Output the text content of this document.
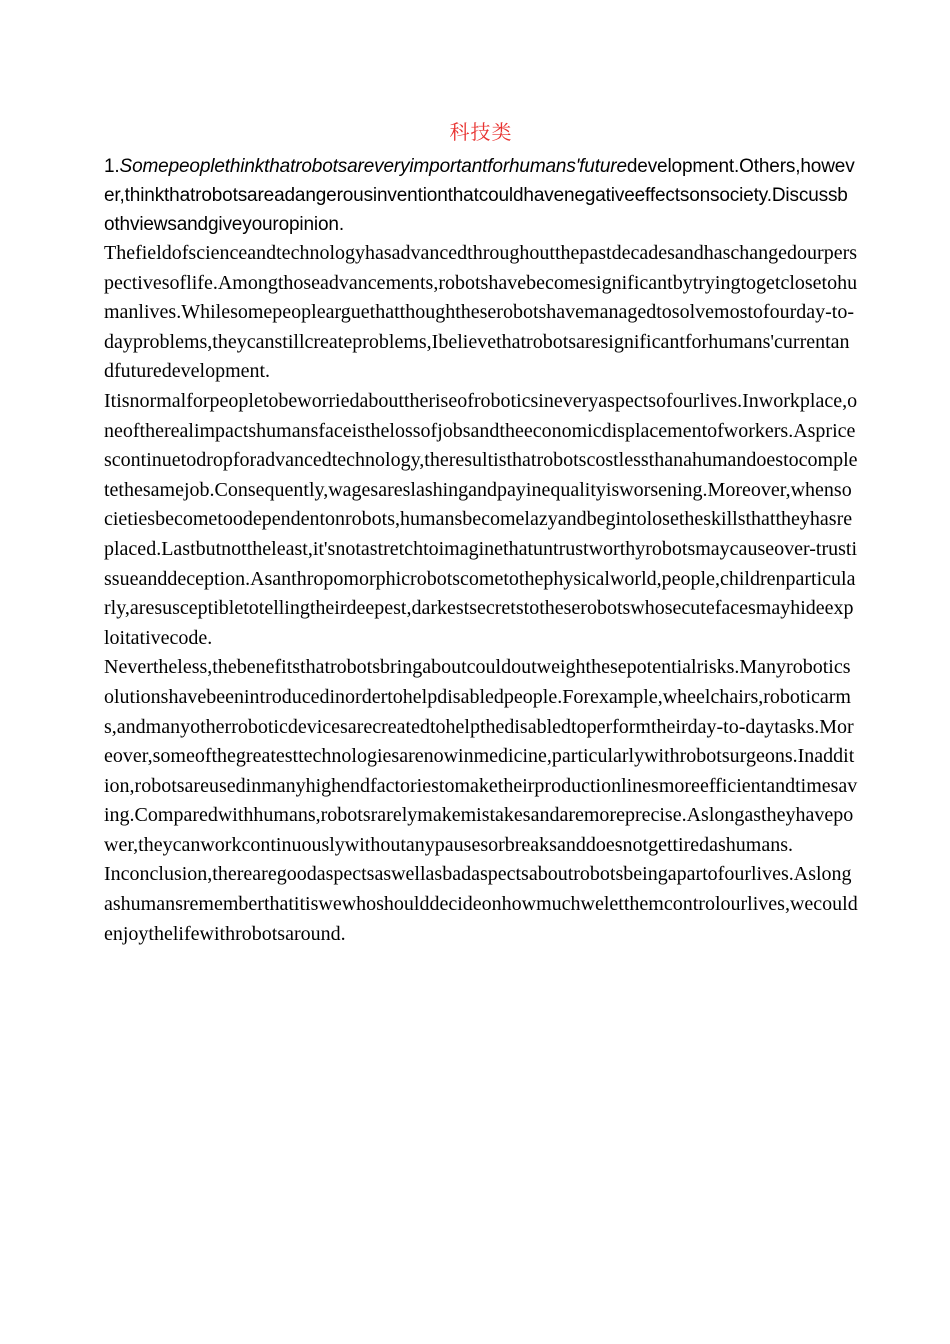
科技类

1.Somepeoplethinkthatrobotsareveryimportantforhumans'futuredevelopment.Others,however,thinkthatrobotsareadangerousinventionthatcouldhavenegativeeffectsonsociety.Discussbothviewsandgiveyouropinion.

Thefieldofscienceandtechnologyhasadvancedthroughoutthepastdecadesandhaschangedourperspectivesoflife.Amongthoseadvancements,robotshavebecomesignificantbytryingtogetclosetohumanlives.Whilesomepeoplearguethatthoughtheserobotshavemanagedtosolvemostofourday-to-dayproblems,theycanstillcreateproblems,Ibelievethatrobotsaresignificantforhumans'currentandfuturedevelopment.

Itisnormalforpeopletobeworriedabouttheriseofroboticsineveryaspectsofourlives.Inworkplace,oneoftherealimpactshumansfaceisthelossofjobsandtheeconomicdisplacementofworkers.Aspricescontinuetodropforadvancedtechnology,theresultisthatrobotscostlessthanahumandoestocompletethesamejob.Consequently,wagesareslashingandpayinequalityisworsening.Moreover,whensocietiesbecometoodependentonrobots,humansbecomelazyandbegintolosetheskillsthattheyhasreplaced.Lastbutnottheleast,it'snotastretchtoimaginethatuntrustworthyrobotsmaycauseover-trustissueanddeception.Asanthropomorphicrobotscometothephysicalworld,people,childrenparticularly,aresusceptibletotellingtheirdeepest,darkestsecretstotheserobotswhosecutefacesmayhideexploitativecode.

Nevertheless,thebenefitsthatrobotsbringaboutcouldoutweighthesepotentialrisks.Manyroboticsolutionshavebeenintroducedinordertohelpdisabledpeople.Forexample,wheelchairs,roboticarms,andmanyotherroboticdevicesarecreatedtohelpthedisabledtoperformtheirday-to-daytasks.Moreover,someofthegreatesttechnologiesarenowinmedicine,particularlywithrobotsurgeons.Inaddition,robotsareusedinmanyhighendfactoriestomaketheirproductionlinesmoreefficientandtimesaving.Comparedwithhumans,robotsrarelymakemistakesandaremoreprecise.Aslongastheyhavepower,theycanworkcontinuouslywithoutanypausesorbreaksanddoesnotgettiredashumans.

Inconclusion,therearegoodaspectsaswellasbadaspectsaboutrobotsbeingapartofourlives.Aslongashumansrememberthatitiswewhoshoulddecideonhowmuchweletthemcontrolourlives,wecouldenjoythelifewithrobotsaround.
